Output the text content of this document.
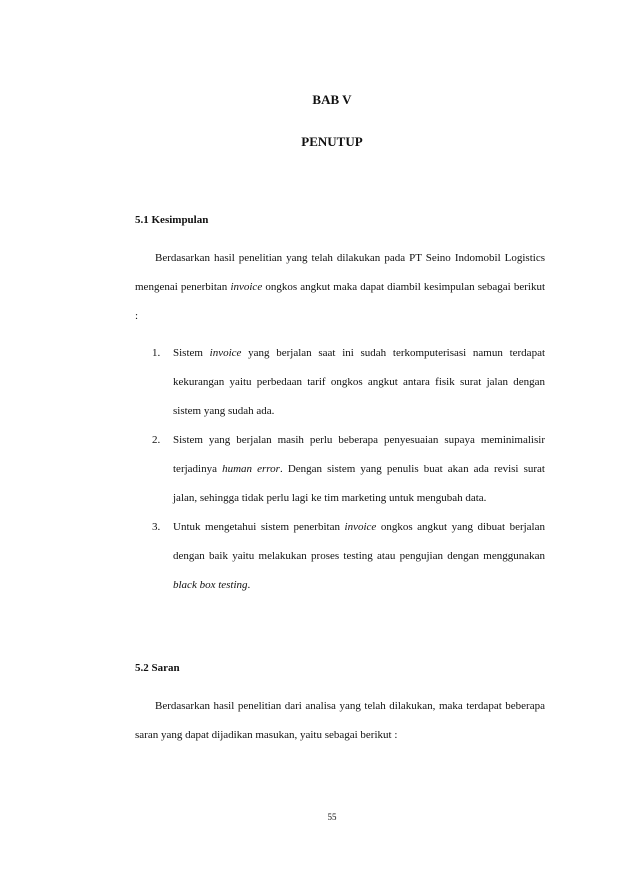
BAB V
PENUTUP
5.1 Kesimpulan

Berdasarkan hasil penelitian yang telah dilakukan pada PT Seino Indomobil Logistics mengenai penerbitan invoice ongkos angkut maka dapat diambil kesimpulan sebagai berikut :

1. Sistem invoice yang berjalan saat ini sudah terkomputerisasi namun terdapat kekurangan yaitu perbedaan tarif ongkos angkut antara fisik surat jalan dengan sistem yang sudah ada.
2. Sistem yang berjalan masih perlu beberapa penyesuaian supaya meminimalisir terjadinya human error. Dengan sistem yang penulis buat akan ada revisi surat jalan, sehingga tidak perlu lagi ke tim marketing untuk mengubah data.
3. Untuk mengetahui sistem penerbitan invoice ongkos angkut yang dibuat berjalan dengan baik yaitu melakukan proses testing atau pengujian dengan menggunakan black box testing.
5.2 Saran

Berdasarkan hasil penelitian dari analisa yang telah dilakukan, maka terdapat beberapa saran yang dapat dijadikan masukan, yaitu sebagai berikut :

55
